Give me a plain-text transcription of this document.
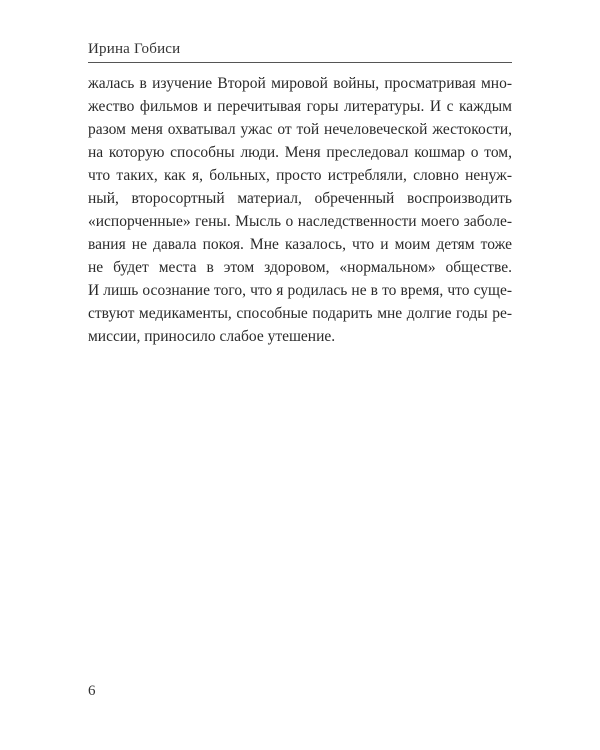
Ирина Гобиси
жалась в изучение Второй мировой войны, просматривая мно-
жество фильмов и перечитывая горы литературы. И с каждым
разом меня охватывал ужас от той нечеловеческой жестокости,
на которую способны люди. Меня преследовал кошмар о том,
что таких, как я, больных, просто истребляли, словно ненуж-
ный, второсортный материал, обреченный воспроизводить
«испорченные» гены. Мысль о наследственности моего заболе-
вания не давала покоя. Мне казалось, что и моим детям тоже
не будет места в этом здоровом, «нормальном» обществе.
И лишь осознание того, что я родилась не в то время, что суще-
ствуют медикаменты, способные подарить мне долгие годы ре-
миссии, приносило слабое утешение.
6
